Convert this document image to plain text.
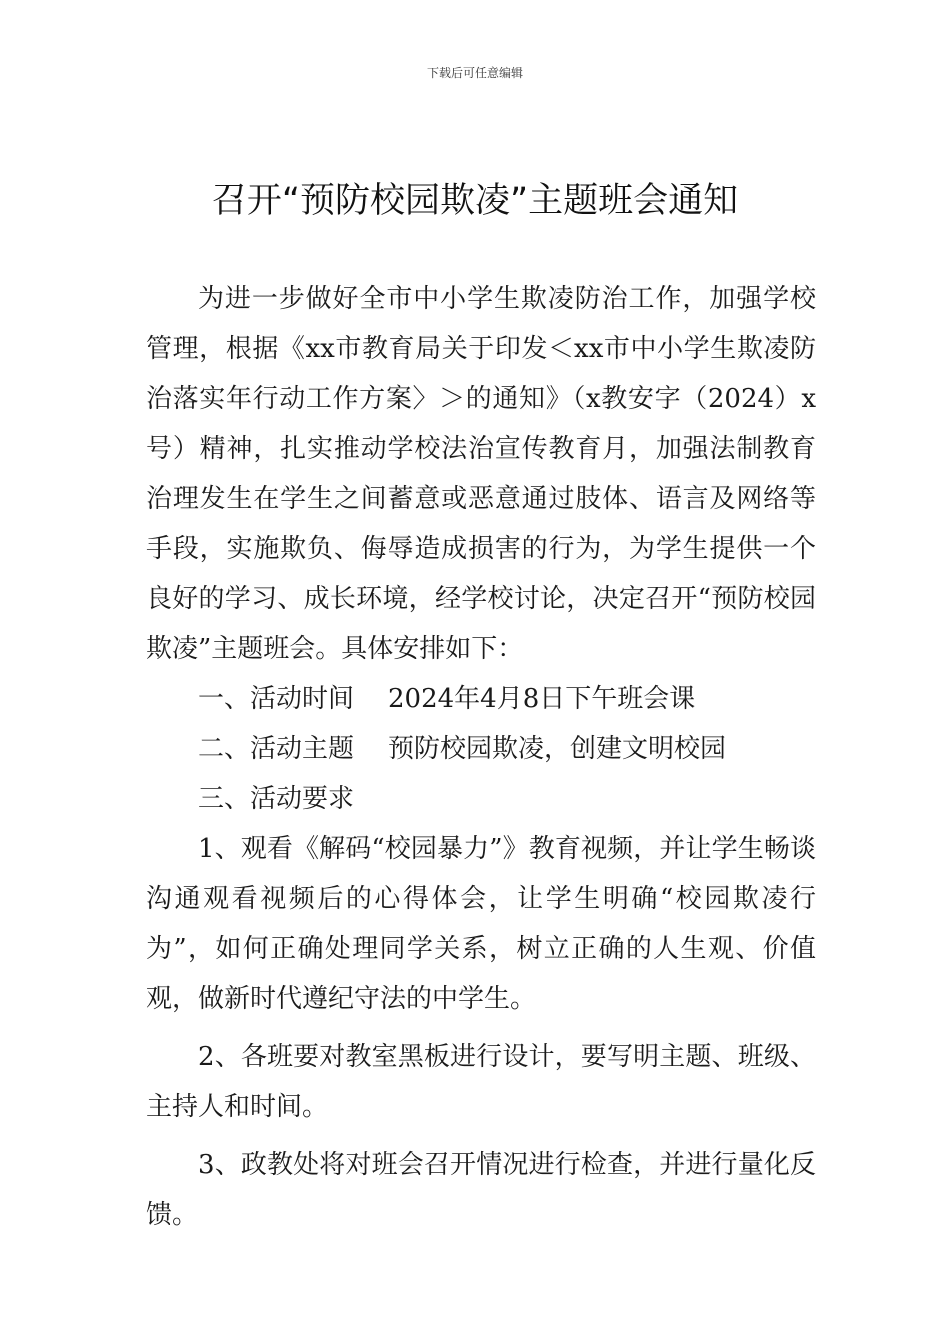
下载后可任意编辑
召开“预防校园欺凌”主题班会通知

为进一步做好全市中小学生欺凌防治工作，加强学校管理，根据《xx市教育局关于印发＜xx市中小学生欺凌防治落实年行动工作方案〉＞的通知》（x教安字（2024）x号）精神，扎实推动学校法治宣传教育月，加强法制教育治理发生在学生之间蓄意或恶意通过肢体、语言及网络等手段，实施欺负、侮辱造成损害的行为，为学生提供一个良好的学习、成长环境，经学校讨论，决定召开“预防校园欺凌”主题班会。具体安排如下：

一、活动时间 2024年4月8日下午班会课

二、活动主题 预防校园欺凌，创建文明校园

三、活动要求

1、观看《解码“校园暴力”》教育视频，并让学生畅谈沟通观看视频后的心得体会，让学生明确“校园欺凌行为”，如何正确处理同学关系，树立正确的人生观、价值观，做新时代遵纪守法的中学生。

2、各班要对教室黑板进行设计，要写明主题、班级、主持人和时间。

3、政教处将对班会召开情况进行检查，并进行量化反馈。
